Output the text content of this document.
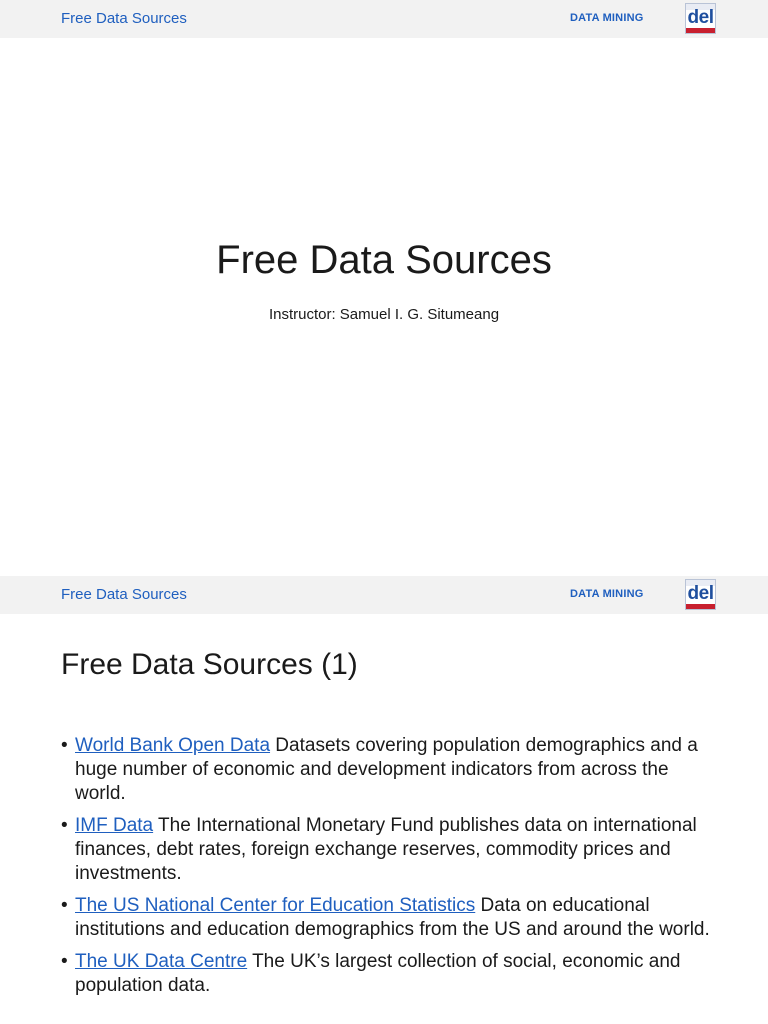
Free Data Sources	DATA MINING del
Free Data Sources
Instructor: Samuel I. G. Situmeang
Free Data Sources	DATA MINING del
Free Data Sources (1)
• World Bank Open Data Datasets covering population demographics and a huge number of economic and development indicators from across the world.
• IMF Data The International Monetary Fund publishes data on international finances, debt rates, foreign exchange reserves, commodity prices and investments.
• The US National Center for Education Statistics Data on educational institutions and education demographics from the US and around the world.
• The UK Data Centre The UK’s largest collection of social, economic and population data.
